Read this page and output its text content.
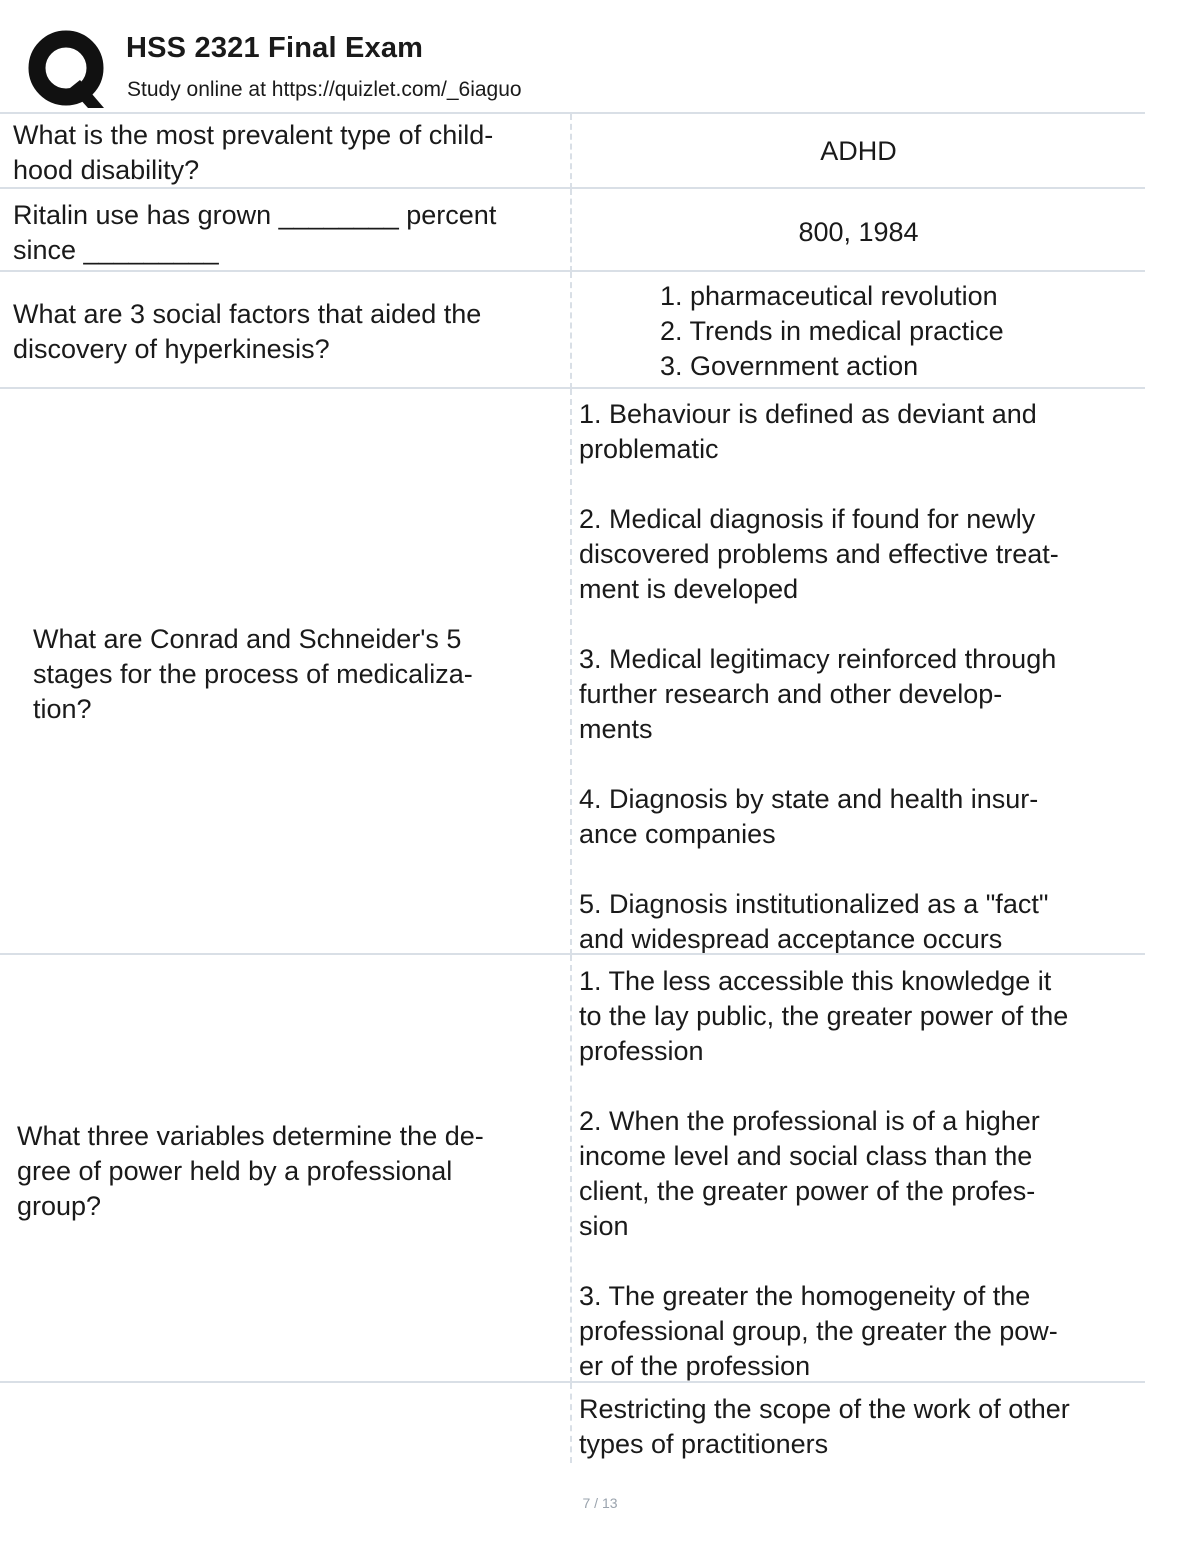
HSS 2321 Final Exam
Study online at https://quizlet.com/_6iaguo
What is the most prevalent type of child-
hood disability?
ADHD
Ritalin use has grown ________ percent
since _________
800, 1984
What are 3 social factors that aided the
discovery of hyperkinesis?
1. pharmaceutical revolution
2. Trends in medical practice
3. Government action
What are Conrad and Schneider's 5
stages for the process of medicaliza-
tion?
1. Behaviour is defined as deviant and
problematic
2. Medical diagnosis if found for newly
discovered problems and effective treat-
ment is developed
3. Medical legitimacy reinforced through
further research and other develop-
ments
4. Diagnosis by state and health insur-
ance companies
5. Diagnosis institutionalized as a "fact"
and widespread acceptance occurs
What three variables determine the de-
gree of power held by a professional
group?
1. The less accessible this knowledge it
to the lay public, the greater power of the
profession
2. When the professional is of a higher
income level and social class than the
client, the greater power of the profes-
sion
3. The greater the homogeneity of the
professional group, the greater the pow-
er of the profession
Restricting the scope of the work of other
types of practitioners
7 / 13
